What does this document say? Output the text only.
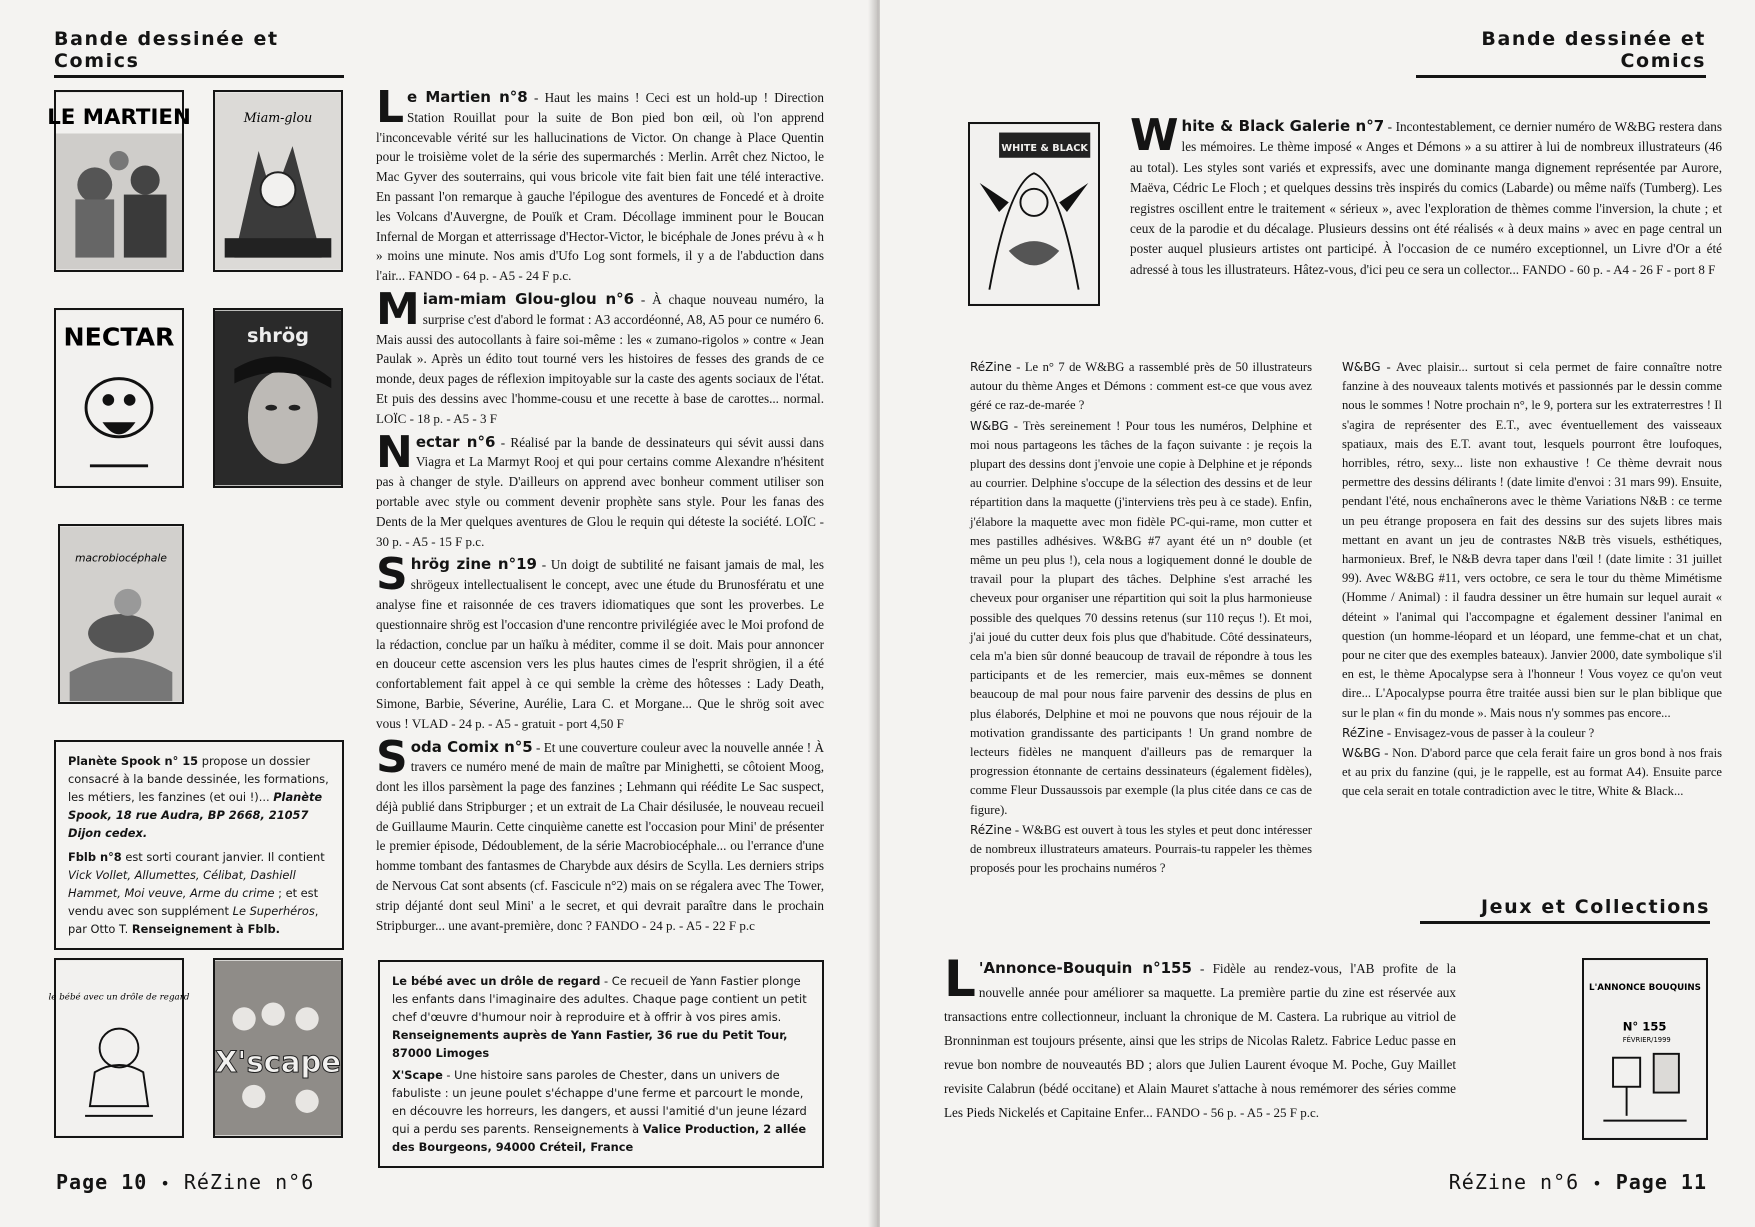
Bande dessinée et Comics
LE MARTIEN	Miam-glou
NECTAR	shrög
macrobiocéphale
le bébé avec un drôle de regard
X'scape

Le Martien n°8 - Haut les mains ! Ceci est un hold-up ! Direction Station Rouillat pour la suite de Bon pied bon œil, où l'on apprend l'inconcevable vérité sur les hallucinations de Victor. On change à Place Quentin pour le troisième volet de la série des supermarchés : Merlin. Arrêt chez Nictoo, le Mac Gyver des souterrains, qui vous bricole vite fait bien fait une télé interactive. En passant l'on remarque à gauche l'épilogue des aventures de Foncedé et à droite les Volcans d'Auvergne, de Pouïk et Cram. Décollage imminent pour le Boucan Infernal de Morgan et atterrissage d'Hector-Victor, le bicéphale de Jones prévu à « h » moins une minute. Nos amis d'Ufo Log sont formels, il y a de l'abduction dans l'air... FANDO - 64 p. - A5 - 24 F p.c.

Miam-miam Glou-glou n°6 - À chaque nouveau numéro, la surprise c'est d'abord le format : A3 accordéonné, A8, A5 pour ce numéro 6. Mais aussi des autocollants à faire soi-même : les « zumano-rigolos » contre « Jean Paulak ». Après un édito tout tourné vers les histoires de fesses des grands de ce monde, deux pages de réflexion impitoyable sur la caste des agents sociaux de l'état. Et puis des dessins avec l'homme-cousu et une recette à base de carottes... normal. LOÏC - 18 p. - A5 - 3 F

Nectar n°6 - Réalisé par la bande de dessinateurs qui sévit aussi dans Viagra et La Marmyt Rooj et qui pour certains comme Alexandre n'hésitent pas à changer de style. D'ailleurs on apprend avec bonheur comment utiliser son portable avec style ou comment devenir prophète sans style. Pour les fanas des Dents de la Mer quelques aventures de Glou le requin qui déteste la société. LOÏC - 30 p. - A5 - 15 F p.c.

Shrög zine n°19 - Un doigt de subtilité ne faisant jamais de mal, les shrögeux intellectualisent le concept, avec une étude du Brunosfératu et une analyse fine et raisonnée de ces travers idiomatiques que sont les proverbes. Le questionnaire shrög est l'occasion d'une rencontre privilégiée avec le Moi profond de la rédaction, conclue par un haïku à méditer, comme il se doit. Mais pour annoncer en douceur cette ascension vers les plus hautes cimes de l'esprit shrögien, il a été confortablement fait appel à ce qui semble la crème des hôtesses : Lady Death, Simone, Barbie, Séverine, Aurélie, Lara C. et Morgane... Que le shrög soit avec vous ! VLAD - 24 p. - A5 - gratuit - port 4,50 F

Soda Comix n°5 - Et une couverture couleur avec la nouvelle année ! À travers ce numéro mené de main de maître par Minighetti, se côtoient Moog, dont les illos parsèment la page des fanzines ; Lehmann qui réédite Le Sac suspect, déjà publié dans Stripburger ; et un extrait de La Chair désilusée, le nouveau recueil de Guillaume Maurin. Cette cinquième canette est l'occasion pour Mini' de présenter le premier épisode, Dédoublement, de la série Macrobiocéphale... ou l'errance d'une homme tombant des fantasmes de Charybde aux désirs de Scylla. Les derniers strips de Nervous Cat sont absents (cf. Fascicule n°2) mais on se régalera avec The Tower, strip déjanté dont seul Mini' a le secret, et qui devrait paraître dans le prochain Stripburger... une avant-première, donc ? FANDO - 24 p. - A5 - 22 F p.c

Planète Spook n° 15 propose un dossier consacré à la bande dessinée, les formations, les métiers, les fanzines (et oui !)... Planète Spook, 18 rue Audra, BP 2668, 21057 Dijon cedex.

Fblb n°8 est sorti courant janvier. Il contient Vick Vollet, Allumettes, Célibat, Dashiell Hammet, Moi veuve, Arme du crime ; et est vendu avec son supplément Le Superhéros, par Otto T. Renseignement à Fblb.

Le bébé avec un drôle de regard - Ce recueil de Yann Fastier plonge les enfants dans l'imaginaire des adultes. Chaque page contient un petit chef d'œuvre d'humour noir à reproduire et à offrir à vos pires amis. Renseignements auprès de Yann Fastier, 36 rue du Petit Tour, 87000 Limoges

X'Scape - Une histoire sans paroles de Chester, dans un univers de fabuliste : un jeune poulet s'échappe d'une ferme et parcourt le monde, en découvre les horreurs, les dangers, et aussi l'amitié d'un jeune lézard qui a perdu ses parents. Renseignements à Valice Production, 2 allée des Bourgeons, 94000 Créteil, France

Page 10 • RéZine n°6
Bande dessinée et Comics
WHITE & BLACK White & Black Galerie n°7 - Incontestablement, ce dernier numéro de W&BG restera dans les mémoires. Le thème imposé « Anges et Démons » a su attirer à lui de nombreux illustrateurs (46 au total). Les styles sont variés et expressifs, avec une dominante manga dignement représentée par Aurore, Maëva, Cédric Le Floch ; et quelques dessins très inspirés du comics (Labarde) ou même naïfs (Tumberg). Les registres oscillent entre le traitement « sérieux », avec l'exploration de thèmes comme l'inversion, la chute ; et ceux de la parodie et du décalage. Plusieurs dessins ont été réalisés « à deux mains » avec en page central un poster auquel plusieurs artistes ont participé. À l'occasion de ce numéro exceptionnel, un Livre d'Or a été adressé à tous les illustrateurs. Hâtez-vous, d'ici peu ce sera un collector... FANDO - 60 p. - A4 - 26 F - port 8 F

RéZine - Le n° 7 de W&BG a rassemblé près de 50 illustrateurs autour du thème Anges et Démons : comment est-ce que vous avez géré ce raz-de-marée ?

W&BG - Très sereinement ! Pour tous les numéros, Delphine et moi nous partageons les tâches de la façon suivante : je reçois la plupart des dessins dont j'envoie une copie à Delphine et je réponds au courrier. Delphine s'occupe de la sélection des dessins et de leur répartition dans la maquette (j'interviens très peu à ce stade). Enfin, j'élabore la maquette avec mon fidèle PC-qui-rame, mon cutter et mes pastilles adhésives. W&BG #7 ayant été un n° double (et même un peu plus !), cela nous a logiquement donné le double de travail pour la plupart des tâches. Delphine s'est arraché les cheveux pour organiser une répartition qui soit la plus harmonieuse possible des quelques 70 dessins retenus (sur 110 reçus !). Et moi, j'ai joué du cutter deux fois plus que d'habitude. Côté dessinateurs, cela m'a bien sûr donné beaucoup de travail de répondre à tous les participants et de les remercier, mais eux-mêmes se donnent beaucoup de mal pour nous faire parvenir des dessins de plus en plus élaborés, Delphine et moi ne pouvons que nous réjouir de la motivation grandissante des participants ! Un grand nombre de lecteurs fidèles ne manquent d'ailleurs pas de remarquer la progression étonnante de certains dessinateurs (également fidèles), comme Fleur Dussaussois par exemple (la plus citée dans ce cas de figure).

RéZine - W&BG est ouvert à tous les styles et peut donc intéresser de nombreux illustrateurs amateurs. Pourrais-tu rappeler les thèmes proposés pour les prochains numéros ?

W&BG - Avec plaisir... surtout si cela permet de faire connaître notre fanzine à des nouveaux talents motivés et passionnés par le dessin comme nous le sommes ! Notre prochain n°, le 9, portera sur les extraterrestres ! Il s'agira de représenter des E.T., avec éventuellement des vaisseaux spatiaux, mais des E.T. avant tout, lesquels pourront être loufoques, horribles, rétro, sexy... liste non exhaustive ! Ce thème devrait nous permettre des dessins délirants ! (date limite d'envoi : 31 mars 99). Ensuite, pendant l'été, nous enchaînerons avec le thème Variations N&B : ce terme un peu étrange proposera en fait des dessins sur des sujets libres mais mettant en avant un jeu de contrastes N&B très visuels, esthétiques, harmonieux. Bref, le N&B devra taper dans l'œil ! (date limite : 31 juillet 99). Avec W&BG #11, vers octobre, ce sera le tour du thème Mimétisme (Homme / Animal) : il faudra dessiner un être humain sur lequel aurait « déteint » l'animal qui l'accompagne et également dessiner l'animal en question (un homme-léopard et un léopard, une femme-chat et un chat, pour ne citer que des exemples bateaux). Janvier 2000, date symbolique s'il en est, le thème Apocalypse sera à l'honneur ! Vous voyez ce qu'on veut dire... L'Apocalypse pourra être traitée aussi bien sur le plan biblique que sur le plan « fin du monde ». Mais nous n'y sommes pas encore...

RéZine - Envisagez-vous de passer à la couleur ?

W&BG - Non. D'abord parce que cela ferait faire un gros bond à nos frais et au prix du fanzine (qui, je le rappelle, est au format A4). Ensuite parce que cela serait en totale contradiction avec le titre, White & Black...

Jeux et Collections

L 'Annonce-Bouquin n°155 - Fidèle au rendez-vous, l'AB profite de la nouvelle année pour améliorer sa maquette. La première partie du zine est réservée aux transactions entre collectionneur, incluant la chronique de M. Castera. La rubrique au vitriol de Bronninman est toujours présente, ainsi que les strips de Nicolas Raletz. Fabrice Leduc passe en revue bon nombre de nouveautés BD ; alors que Julien Laurent évoque M. Poche, Guy Maillet revisite Calabrun (bédé occitane) et Alain Mauret s'attache à nous remémorer des séries comme Les Pieds Nickelés et Capitaine Enfer... FANDO - 56 p. - A5 - 25 F p.c.

L'ANNONCE BOUQUINS
N° 155
FÉVRIER/1999
RéZine n°6 • Page 11
